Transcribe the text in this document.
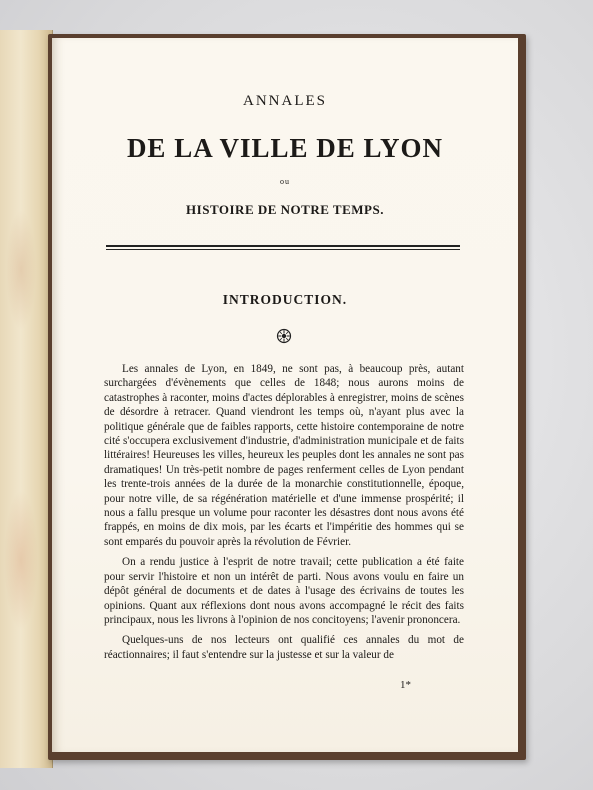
ANNALES
DE LA VILLE DE LYON
ou
HISTOIRE DE NOTRE TEMPS.
INTRODUCTION.

Les annales de Lyon, en 1849, ne sont pas, à beaucoup près, autant surchargées d'évènements que celles de 1848; nous aurons moins de catastrophes à raconter, moins d'actes déplorables à enregistrer, moins de scènes de désordre à retracer. Quand viendront les temps où, n'ayant plus avec la politique générale que de faibles rapports, cette histoire contemporaine de notre cité s'occupera exclusivement d'industrie, d'administration municipale et de faits littéraires! Heureuses les villes, heureux les peuples dont les annales ne sont pas dramatiques! Un très-petit nombre de pages renferment celles de Lyon pendant les trente-trois années de la durée de la monarchie constitutionnelle, époque, pour notre ville, de sa régénération matérielle et d'une immense prospérité; il nous a fallu presque un volume pour raconter les désastres dont nous avons été frappés, en moins de dix mois, par les écarts et l'impéritie des hommes qui se sont emparés du pouvoir après la révolution de Février.

On a rendu justice à l'esprit de notre travail; cette publication a été faite pour servir l'histoire et non un intérêt de parti. Nous avons voulu en faire un dépôt général de documents et de dates à l'usage des écrivains de toutes les opinions. Quant aux réflexions dont nous avons accompagné le récit des faits principaux, nous les livrons à l'opinion de nos concitoyens; l'avenir prononcera.

Quelques-uns de nos lecteurs ont qualifié ces annales du mot de réactionnaires; il faut s'entendre sur la justesse et sur la valeur de

1*
